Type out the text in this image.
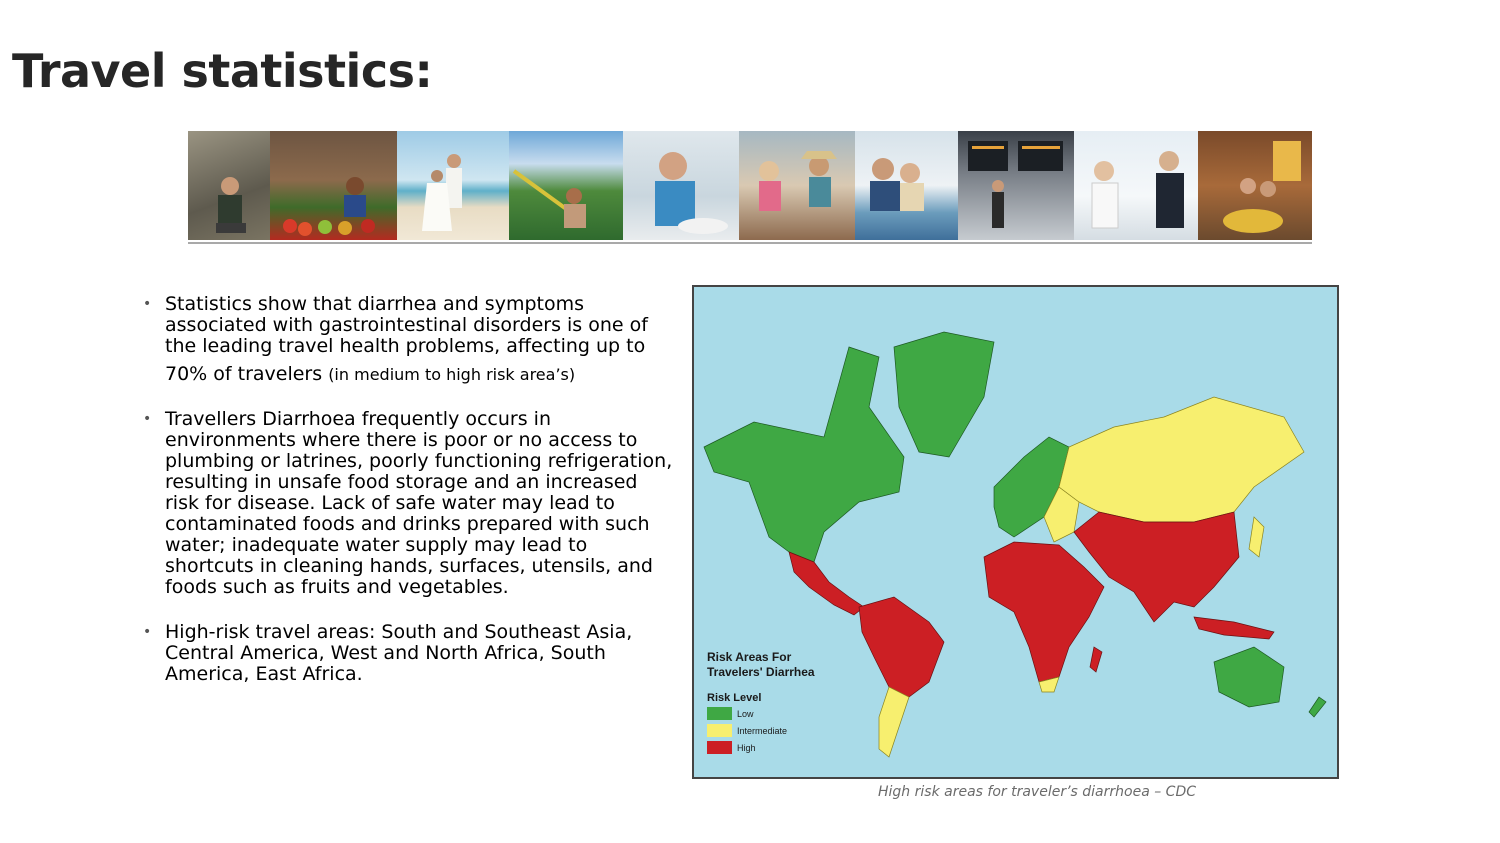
Travel statistics:
• Statistics show that diarrhea and symptoms
associated with gastrointestinal disorders is one of
the leading travel health problems, affecting up to
70% of travelers (in medium to high risk area’s)
• Travellers Diarrhoea frequently occurs in
environments where there is poor or no access to
plumbing or latrines, poorly functioning refrigeration,
resulting in unsafe food storage and an increased
risk for disease. Lack of safe water may lead to
contaminated foods and drinks prepared with such
water; inadequate water supply may lead to
shortcuts in cleaning hands, surfaces, utensils, and
foods such as fruits and vegetables.
• High-risk travel areas: South and Southeast Asia,
Central America, West and North Africa, South
America, East Africa.
Risk Areas For
Travelers' Diarrhea
Risk Level
Low
Intermediate
High
High risk areas for traveler’s diarrhoea – CDC
